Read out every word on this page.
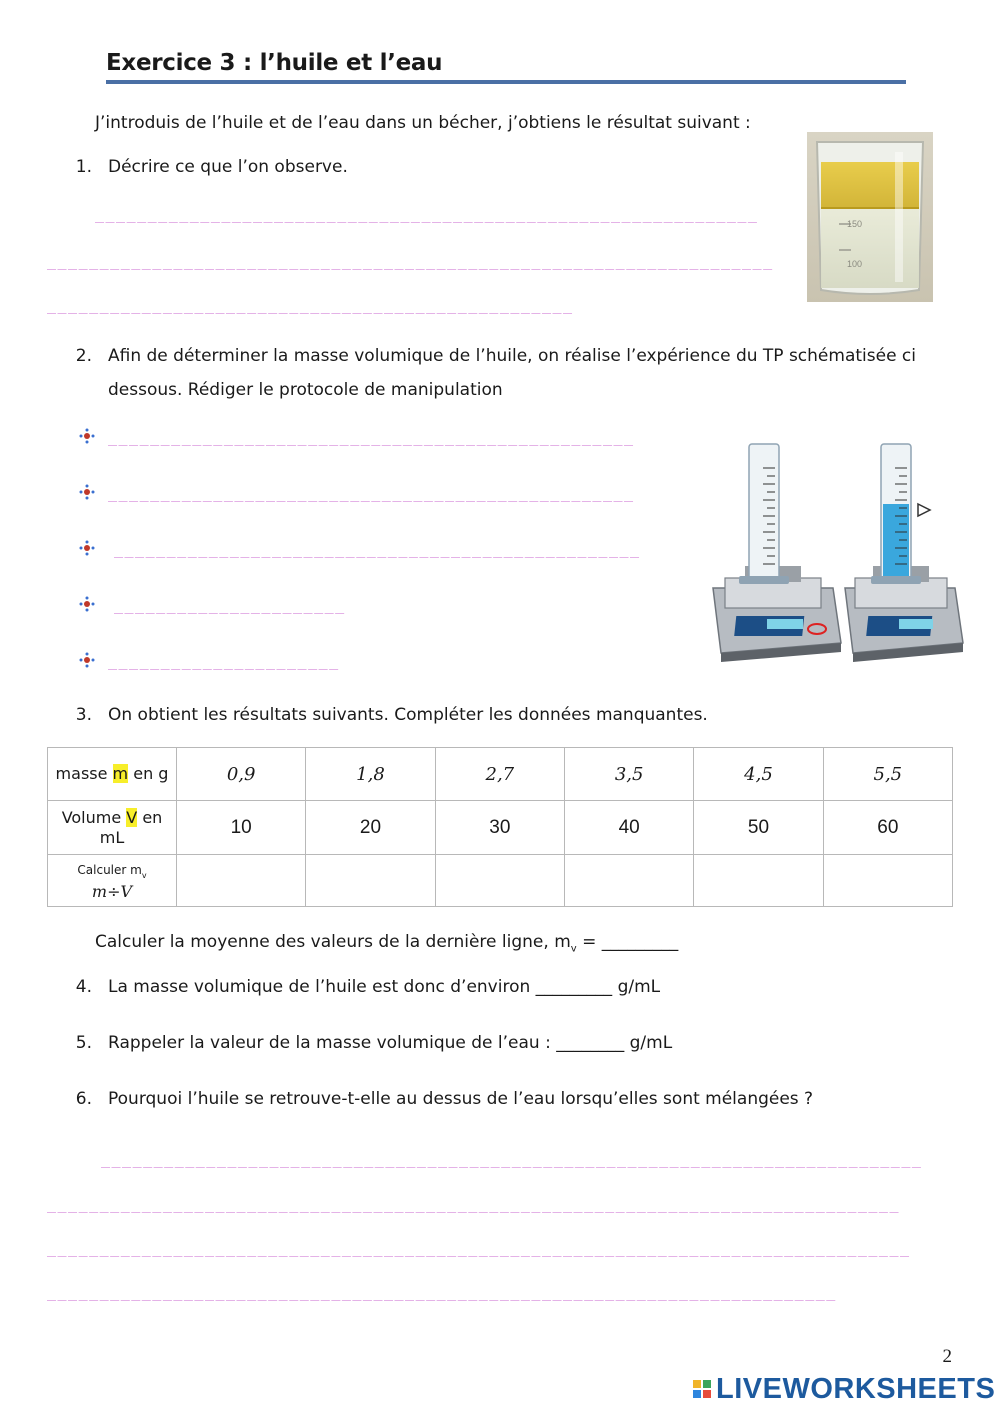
Exercice 3 : l’huile et l’eau
J’introduis de l’huile et de l’eau dans un bécher, j’obtiens le résultat suivant :
150
100
1. Décrire ce que l’on observe.
_______________________________________________________________
_____________________________________________________________________
__________________________________________________
2. Afin de déterminer la masse volumique de l’huile, on réalise l’expérience du TP schématisée ci
dessous. Rédiger le protocole de manipulation
__________________________________________________
__________________________________________________
__________________________________________________
______________________
______________________
3. On obtient les résultats suivants. Compléter les données manquantes.
masse m en g	0,9	1,8	2,7	3,5	4,5	5,5
Volume V en
mL	10	20	30	40	50	60
Calculer $m_v$
m÷V						
Calculer la moyenne des valeurs de la dernière ligne, $m_v$ = _________
4. La masse volumique de l’huile est donc d’environ _________ g/mL
5. Rappeler la valeur de la masse volumique de l’eau : ________ g/mL
6. Pourquoi l’huile se retrouve-t-elle au dessus de l’eau lorsqu’elles sont mélangées ?
______________________________________________________________________________
_________________________________________________________________________________
__________________________________________________________________________________
___________________________________________________________________________
2

LIVEWORKSHEETS
